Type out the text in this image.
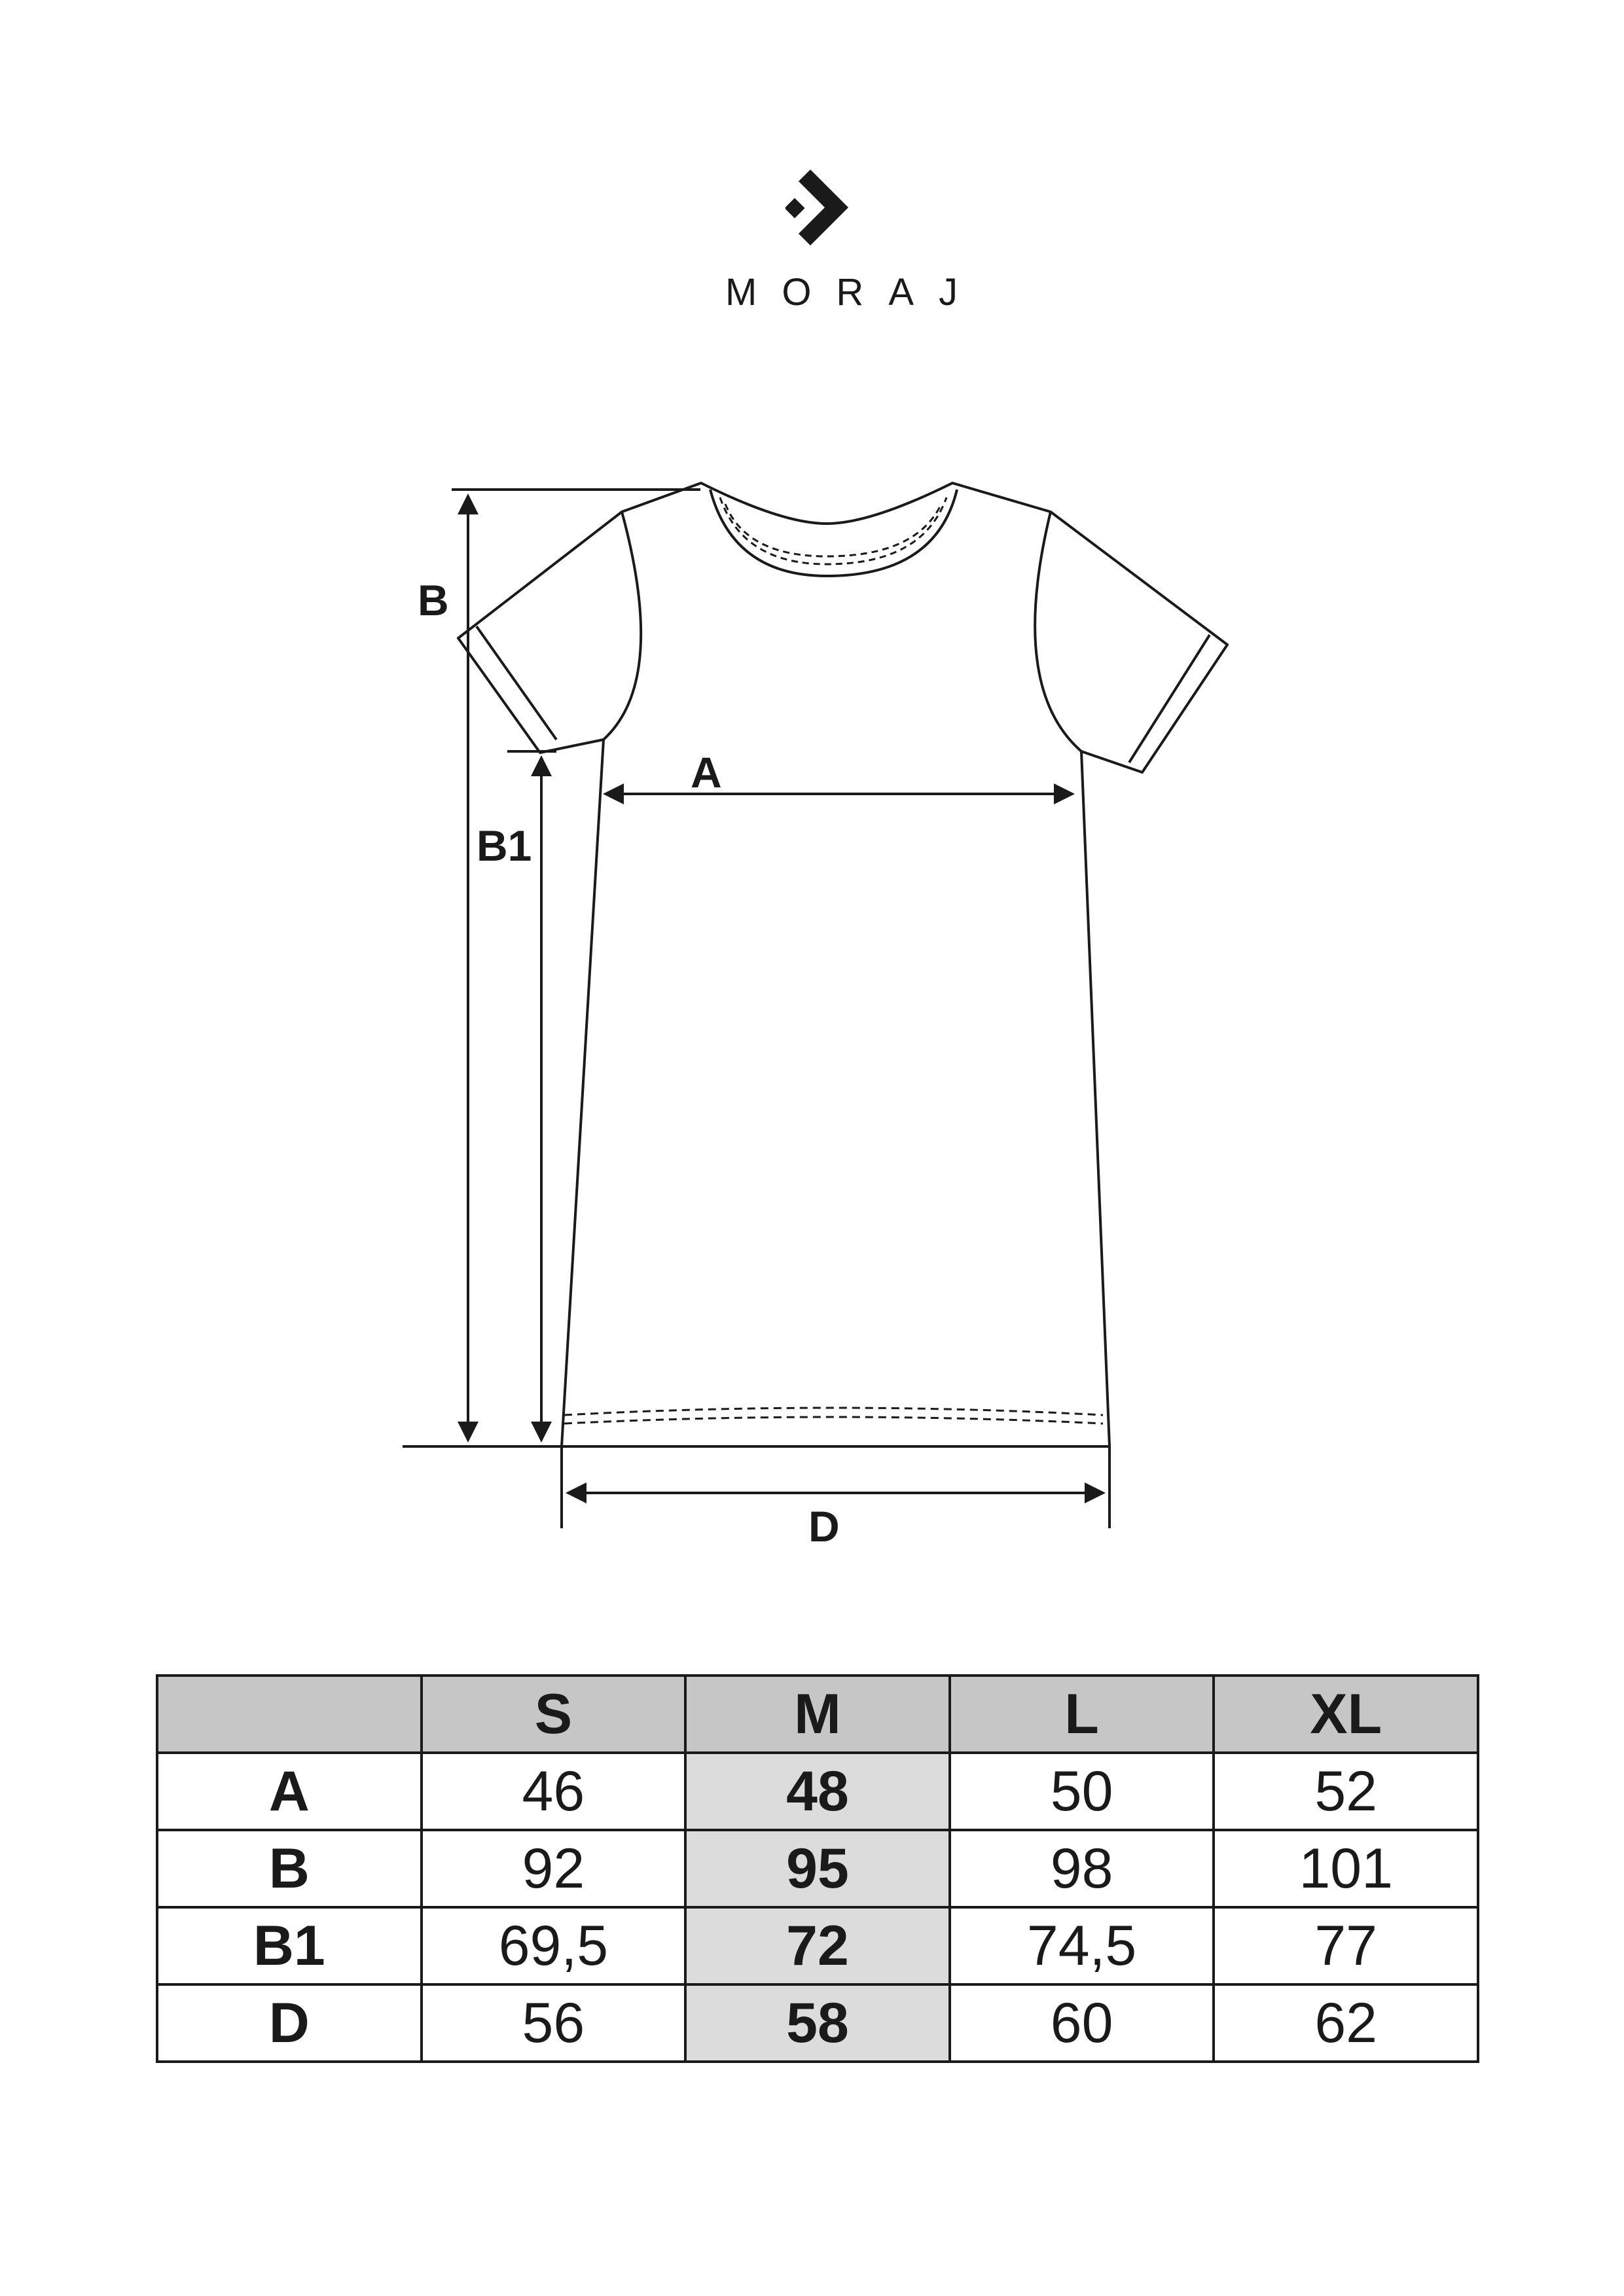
MORAJ
B
B1
A
D
	S	M	L	XL
A	46	48	50	52
B	92	95	98	101
B1	69,5	72	74,5	77
D	56	58	60	62
